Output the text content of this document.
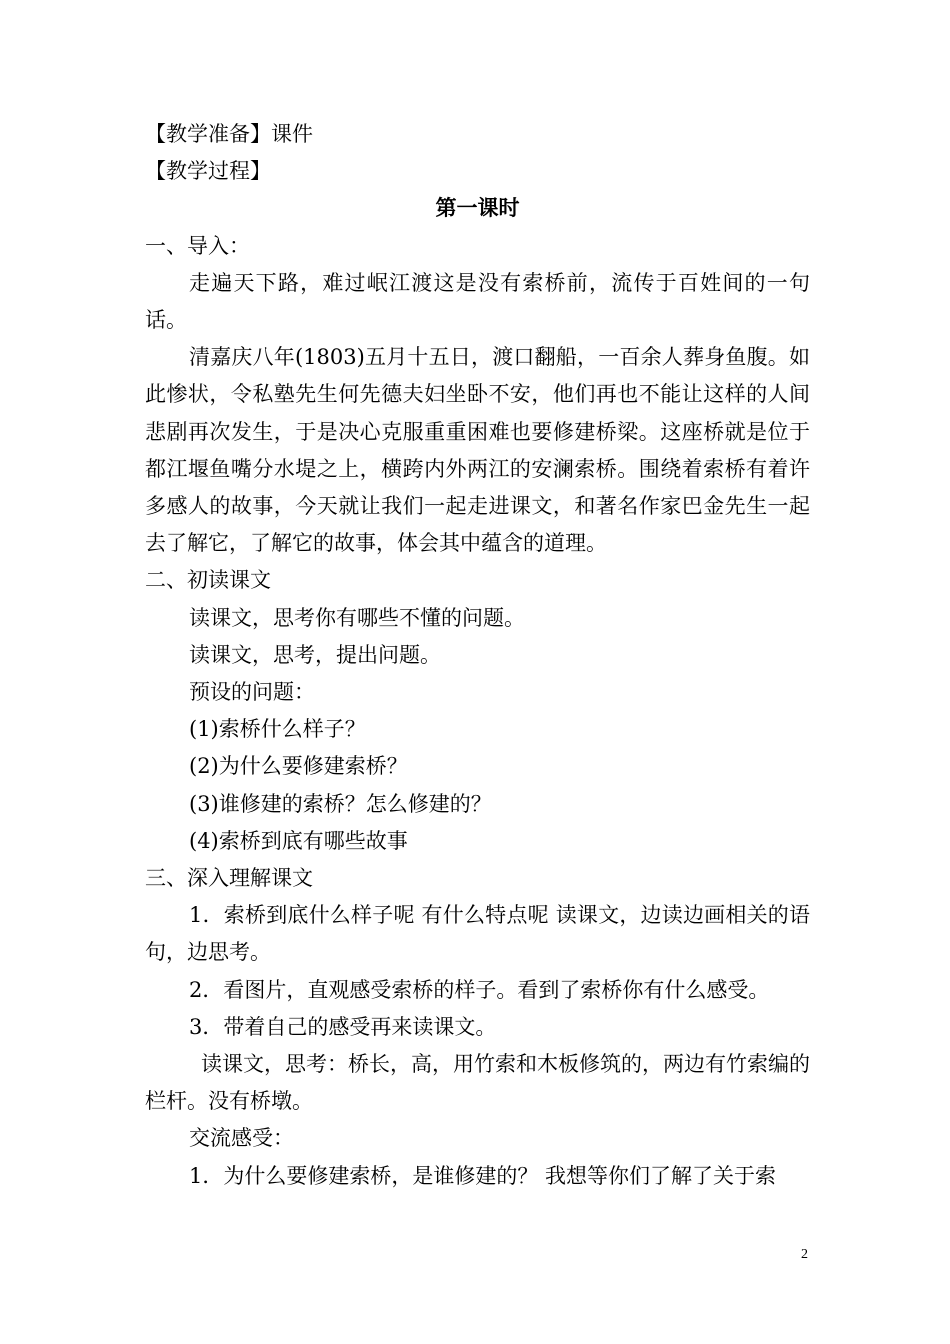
【教学准备】课件

【教学过程】

第一课时

一、导入：

走遍天下路，难过岷江渡这是没有索桥前，流传于百姓间的一句话。

清嘉庆八年(1803)五月十五日，渡口翻船，一百余人葬身鱼腹。如此惨状，令私塾先生何先德夫妇坐卧不安，他们再也不能让这样的人间悲剧再次发生，于是决心克服重重困难也要修建桥梁。这座桥就是位于都江堰鱼嘴分水堤之上，横跨内外两江的安澜索桥。围绕着索桥有着许多感人的故事，今天就让我们一起走进课文，和著名作家巴金先生一起去了解它，了解它的故事，体会其中蕴含的道理。

二、初读课文

读课文，思考你有哪些不懂的问题。

读课文，思考，提出问题。

预设的问题：

(1)索桥什么样子？

(2)为什么要修建索桥？

(3)谁修建的索桥？怎么修建的？

(4)索桥到底有哪些故事

三、深入理解课文

1．索桥到底什么样子呢 有什么特点呢 读课文，边读边画相关的语句，边思考。

2．看图片，直观感受索桥的样子。看到了索桥你有什么感受。

3．带着自己的感受再来读课文。

读课文，思考：桥长，高，用竹索和木板修筑的，两边有竹索编的栏杆。没有桥墩。

交流感受：

1．为什么要修建索桥，是谁修建的？ 我想等你们了解了关于索

2
